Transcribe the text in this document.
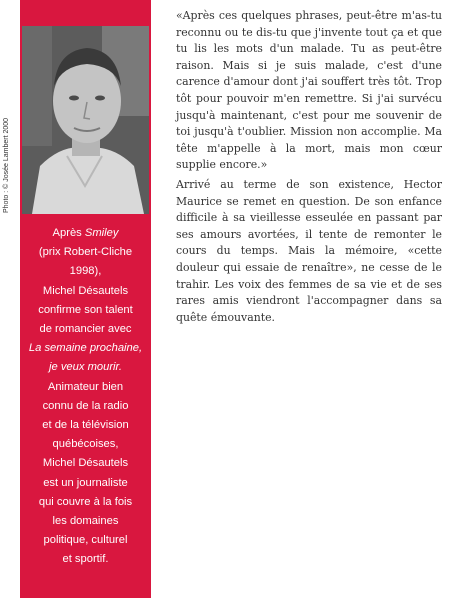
Après Smiley
(prix Robert-Cliche
1998),
Michel Désautels
confirme son talent
de romancier avec
La semaine prochaine,
je veux mourir.
Animateur bien
connu de la radio
et de la télévision
québécoises,
Michel Désautels
est un journaliste
qui couvre à la fois
les domaines
politique, culturel
et sportif.
Photo : © Josée Lambert 2000

«Après ces quelques phrases, peut-être m'as-tu reconnu ou te dis-tu que j'invente tout ça et que tu lis les mots d'un malade. Tu as peut-être raison. Mais si je suis malade, c'est d'une carence d'amour dont j'ai souffert très tôt. Trop tôt pour pouvoir m'en remettre. Si j'ai survécu jusqu'à maintenant, c'est pour me souvenir de toi jusqu'à t'oublier. Mission non accomplie. Ma tête m'appelle à la mort, mais mon cœur supplie encore.»

Arrivé au terme de son existence, Hector Maurice se remet en question. De son enfance difficile à sa vieillesse esseulée en passant par ses amours avortées, il tente de remonter le cours du temps. Mais la mémoire, «cette douleur qui essaie de renaître», ne cesse de le trahir. Les voix des femmes de sa vie et de ses rares amis viendront l'accompagner dans sa quête émouvante.
